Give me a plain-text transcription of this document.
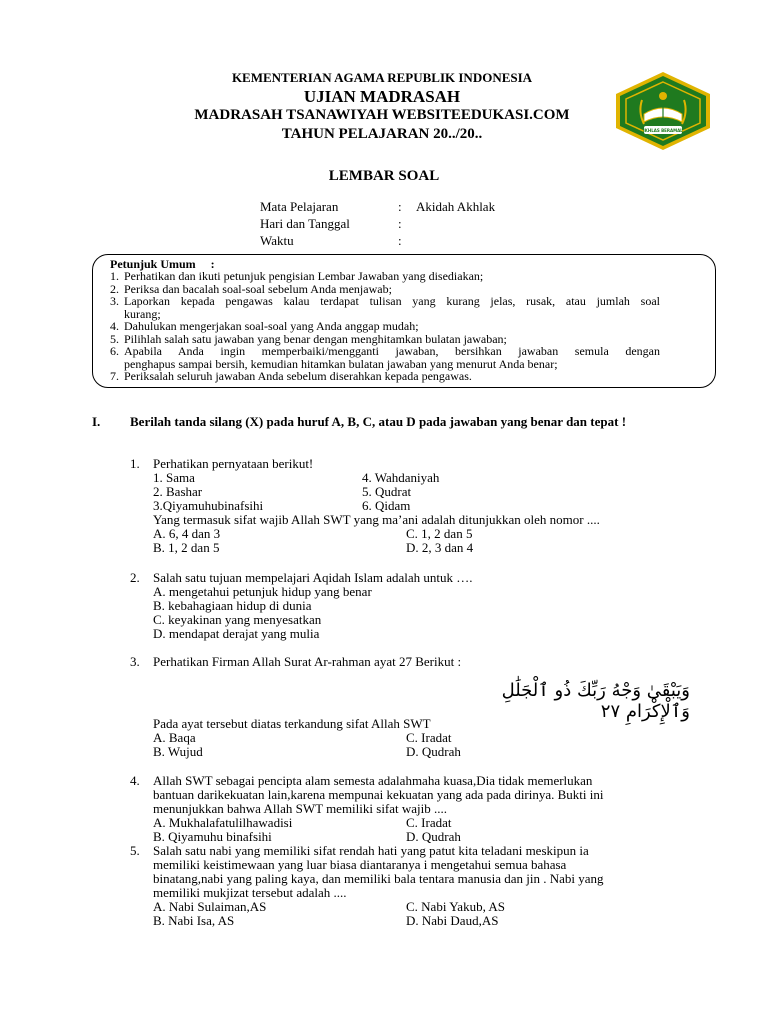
KEMENTERIAN AGAMA REPUBLIK INDONESIA
UJIAN MADRASAH
MADRASAH TSANAWIYAH WEBSITEEDUKASI.COM
TAHUN PELAJARAN 20../20..	IKHLAS BERAMAL
LEMBAR SOAL
Mata Pelajaran	:	Akidah Akhlak
Hari dan Tanggal	:
Waktu	:
Petunjuk Umum     :
1. Perhatikan dan ikuti petunjuk pengisian Lembar Jawaban yang disediakan;
2. Periksa dan bacalah soal-soal sebelum Anda menjawab;
3. Laporkan kepada pengawas kalau terdapat tulisan yang kurang jelas, rusak, atau jumlah soal
kurang;
4. Dahulukan mengerjakan soal-soal yang Anda anggap mudah;
5. Pilihlah salah satu jawaban yang benar dengan menghitamkan bulatan jawaban;
6. Apabila Anda ingin memperbaiki/mengganti jawaban, bersihkan jawaban semula dengan
penghapus sampai bersih, kemudian hitamkan bulatan jawaban yang menurut Anda benar;
7. Periksalah seluruh jawaban Anda sebelum diserahkan kepada pengawas.
I.	Berilah tanda silang (X) pada huruf A, B, C, atau D pada jawaban yang benar dan tepat !
1.	Perhatikan pernyataan berikut!
1. Sama	4. Wahdaniyah
2. Bashar	5. Qudrat
3.Qiyamuhubinafsihi	6. Qidam
Yang termasuk sifat wajib Allah SWT yang ma’ani adalah ditunjukkan oleh nomor ....
A. 6, 4 dan 3	C. 1, 2 dan 5
B. 1, 2 dan 5	D. 2, 3 dan 4
2.	Salah satu tujuan mempelajari Aqidah Islam adalah untuk ….
A. mengetahui petunjuk hidup yang benar
B. kebahagiaan hidup di dunia
C. keyakinan yang menyesatkan
D. mendapat derajat yang mulia
3.	Perhatikan Firman Allah Surat Ar-rahman ayat 27 Berikut :
وَيَبْقَىٰ وَجْهُ رَبِّكَ ذُو ٱلْجَلَٰلِ وَٱلْإِكْرَامِ ٢٧
Pada ayat tersebut diatas terkandung sifat Allah SWT
A. Baqa	C. Iradat
B. Wujud	D. Qudrah
4.	Allah SWT sebagai pencipta alam semesta adalahmaha kuasa,Dia tidak memerlukan
bantuan darikekuatan lain,karena mempunai kekuatan yang ada pada dirinya. Bukti ini
menunjukkan bahwa Allah SWT memiliki sifat wajib ....
A. Mukhalafatulilhawadisi	C. Iradat
B. Qiyamuhu binafsihi	D. Qudrah
5.	Salah satu nabi yang memiliki sifat rendah hati yang patut kita teladani meskipun ia
memiliki keistimewaan yang luar biasa diantaranya i mengetahui semua bahasa
binatang,nabi yang paling kaya, dan memiliki bala tentara manusia dan jin . Nabi yang
memiliki mukjizat tersebut adalah ....
A. Nabi Sulaiman,AS	C. Nabi Yakub, AS
B. Nabi Isa, AS	D. Nabi Daud,AS
